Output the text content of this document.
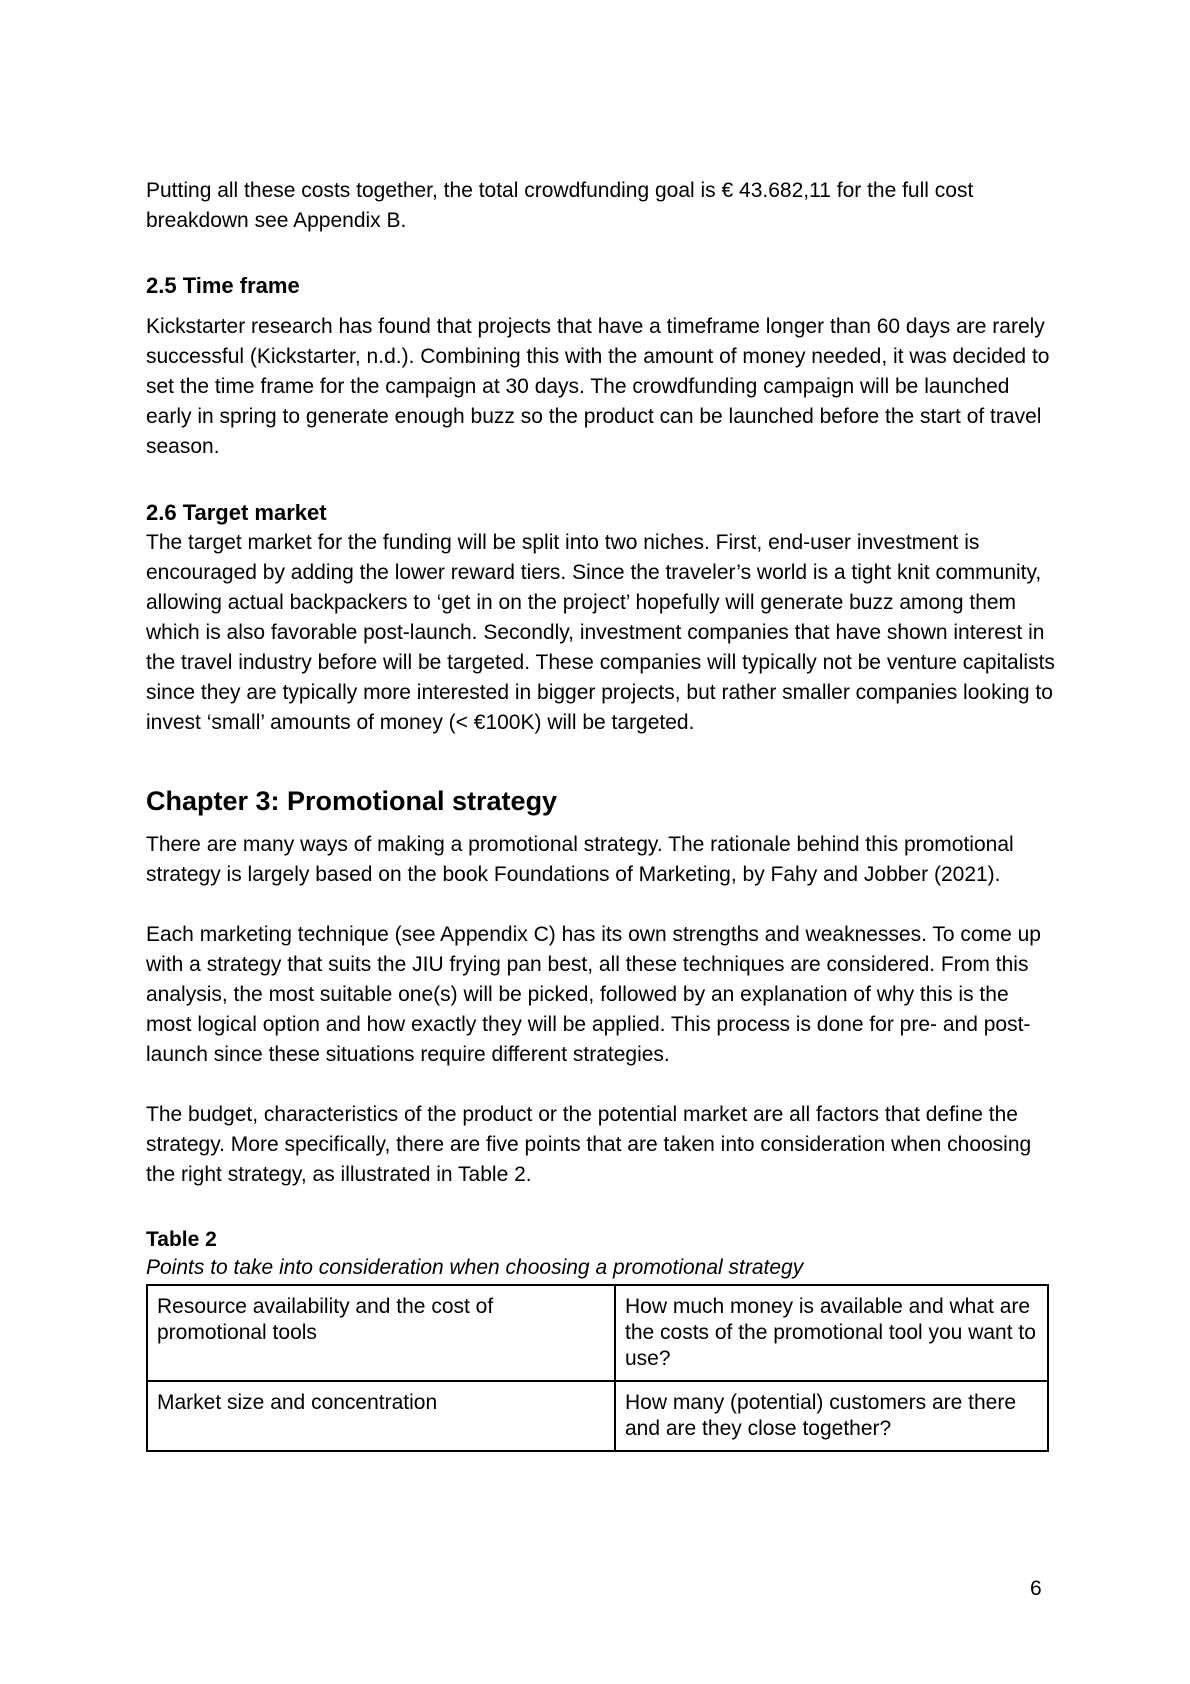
Putting all these costs together, the total crowdfunding goal is € 43.682,11 for the full cost breakdown see Appendix B.

2.5 Time frame

Kickstarter research has found that projects that have a timeframe longer than 60 days are rarely successful (Kickstarter, n.d.). Combining this with the amount of money needed, it was decided to set the time frame for the campaign at 30 days. The crowdfunding campaign will be launched early in spring to generate enough buzz so the product can be launched before the start of travel season.

2.6 Target market

The target market for the funding will be split into two niches. First, end-user investment is encouraged by adding the lower reward tiers. Since the traveler’s world is a tight knit community, allowing actual backpackers to ‘get in on the project’ hopefully will generate buzz among them which is also favorable post-launch. Secondly, investment companies that have shown interest in the travel industry before will be targeted. These companies will typically not be venture capitalists since they are typically more interested in bigger projects, but rather smaller companies looking to invest ‘small’ amounts of money (< €100K) will be targeted.

Chapter 3: Promotional strategy

There are many ways of making a promotional strategy. The rationale behind this promotional strategy is largely based on the book Foundations of Marketing, by Fahy and Jobber (2021).

Each marketing technique (see Appendix C) has its own strengths and weaknesses. To come up with a strategy that suits the JIU frying pan best, all these techniques are considered. From this analysis, the most suitable one(s) will be picked, followed by an explanation of why this is the most logical option and how exactly they will be applied. This process is done for pre- and post-launch since these situations require different strategies.

The budget, characteristics of the product or the potential market are all factors that define the strategy. More specifically, there are five points that are taken into consideration when choosing the right strategy, as illustrated in Table 2.

Table 2
Points to take into consideration when choosing a promotional strategy
Resource availability and the cost of promotional tools	How much money is available and what are the costs of the promotional tool you want to use?
Market size and concentration	How many (potential) customers are there and are they close together?
6
